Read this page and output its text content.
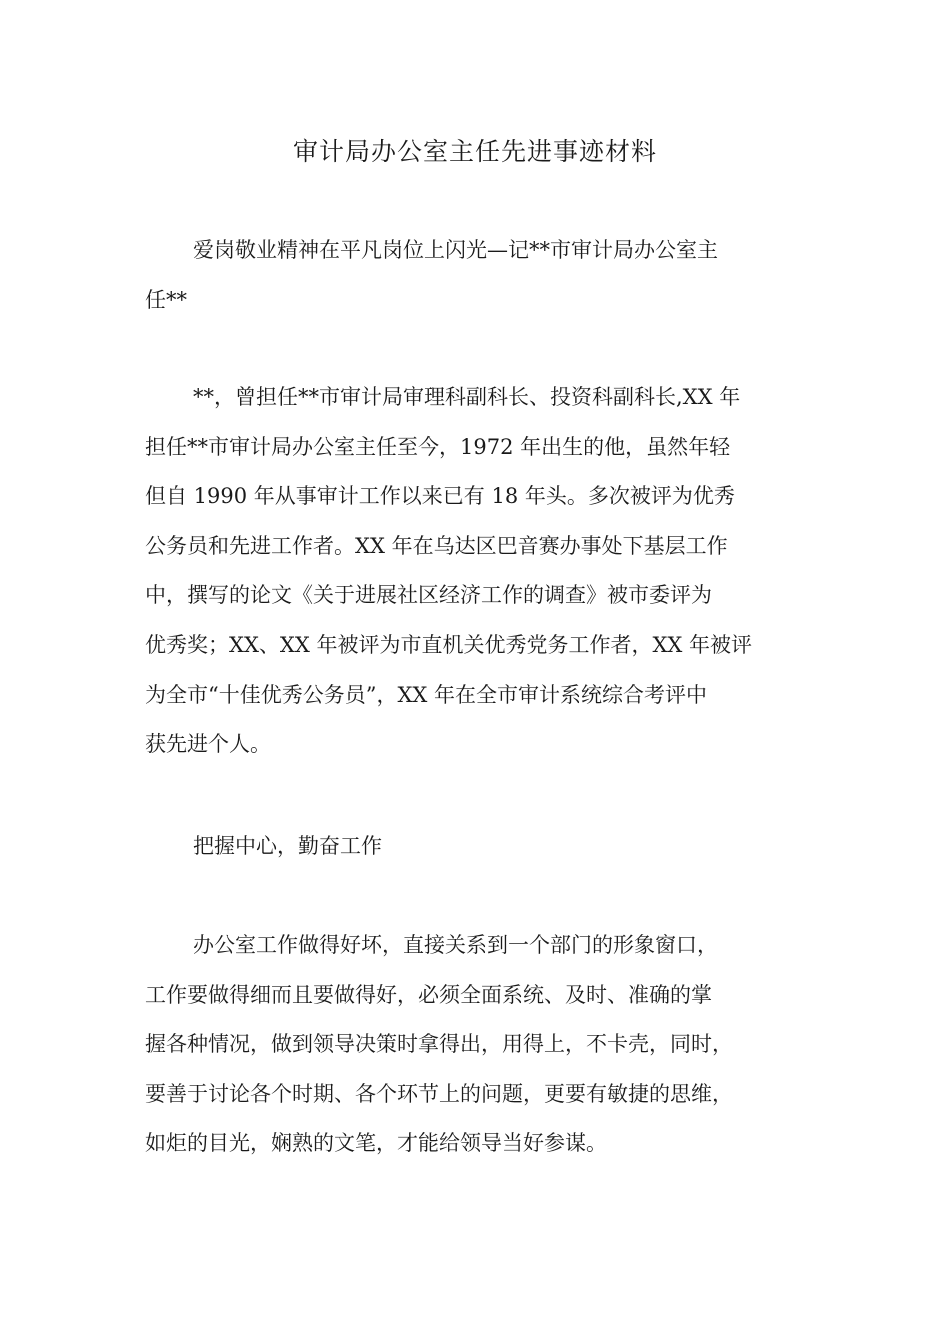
审计局办公室主任先进事迹材料
爱岗敬业精神在平凡岗位上闪光—记**市审计局办公室主
任**
**，曾担任**市审计局审理科副科长、投资科副科长,XX 年
担任**市审计局办公室主任至今，1972 年出生的他，虽然年轻
但自 1990 年从事审计工作以来已有 18 年头。多次被评为优秀
公务员和先进工作者。XX 年在乌达区巴音赛办事处下基层工作
中，撰写的论文《关于进展社区经济工作的调查》被市委评为
优秀奖；XX、XX 年被评为市直机关优秀党务工作者，XX 年被评
为全市“十佳优秀公务员”，XX 年在全市审计系统综合考评中
获先进个人。
把握中心，勤奋工作
办公室工作做得好坏，直接关系到一个部门的形象窗口，
工作要做得细而且要做得好，必须全面系统、及时、准确的掌
握各种情况，做到领导决策时拿得出，用得上，不卡壳，同时，
要善于讨论各个时期、各个环节上的问题，更要有敏捷的思维，
如炬的目光，娴熟的文笔，才能给领导当好参谋。
